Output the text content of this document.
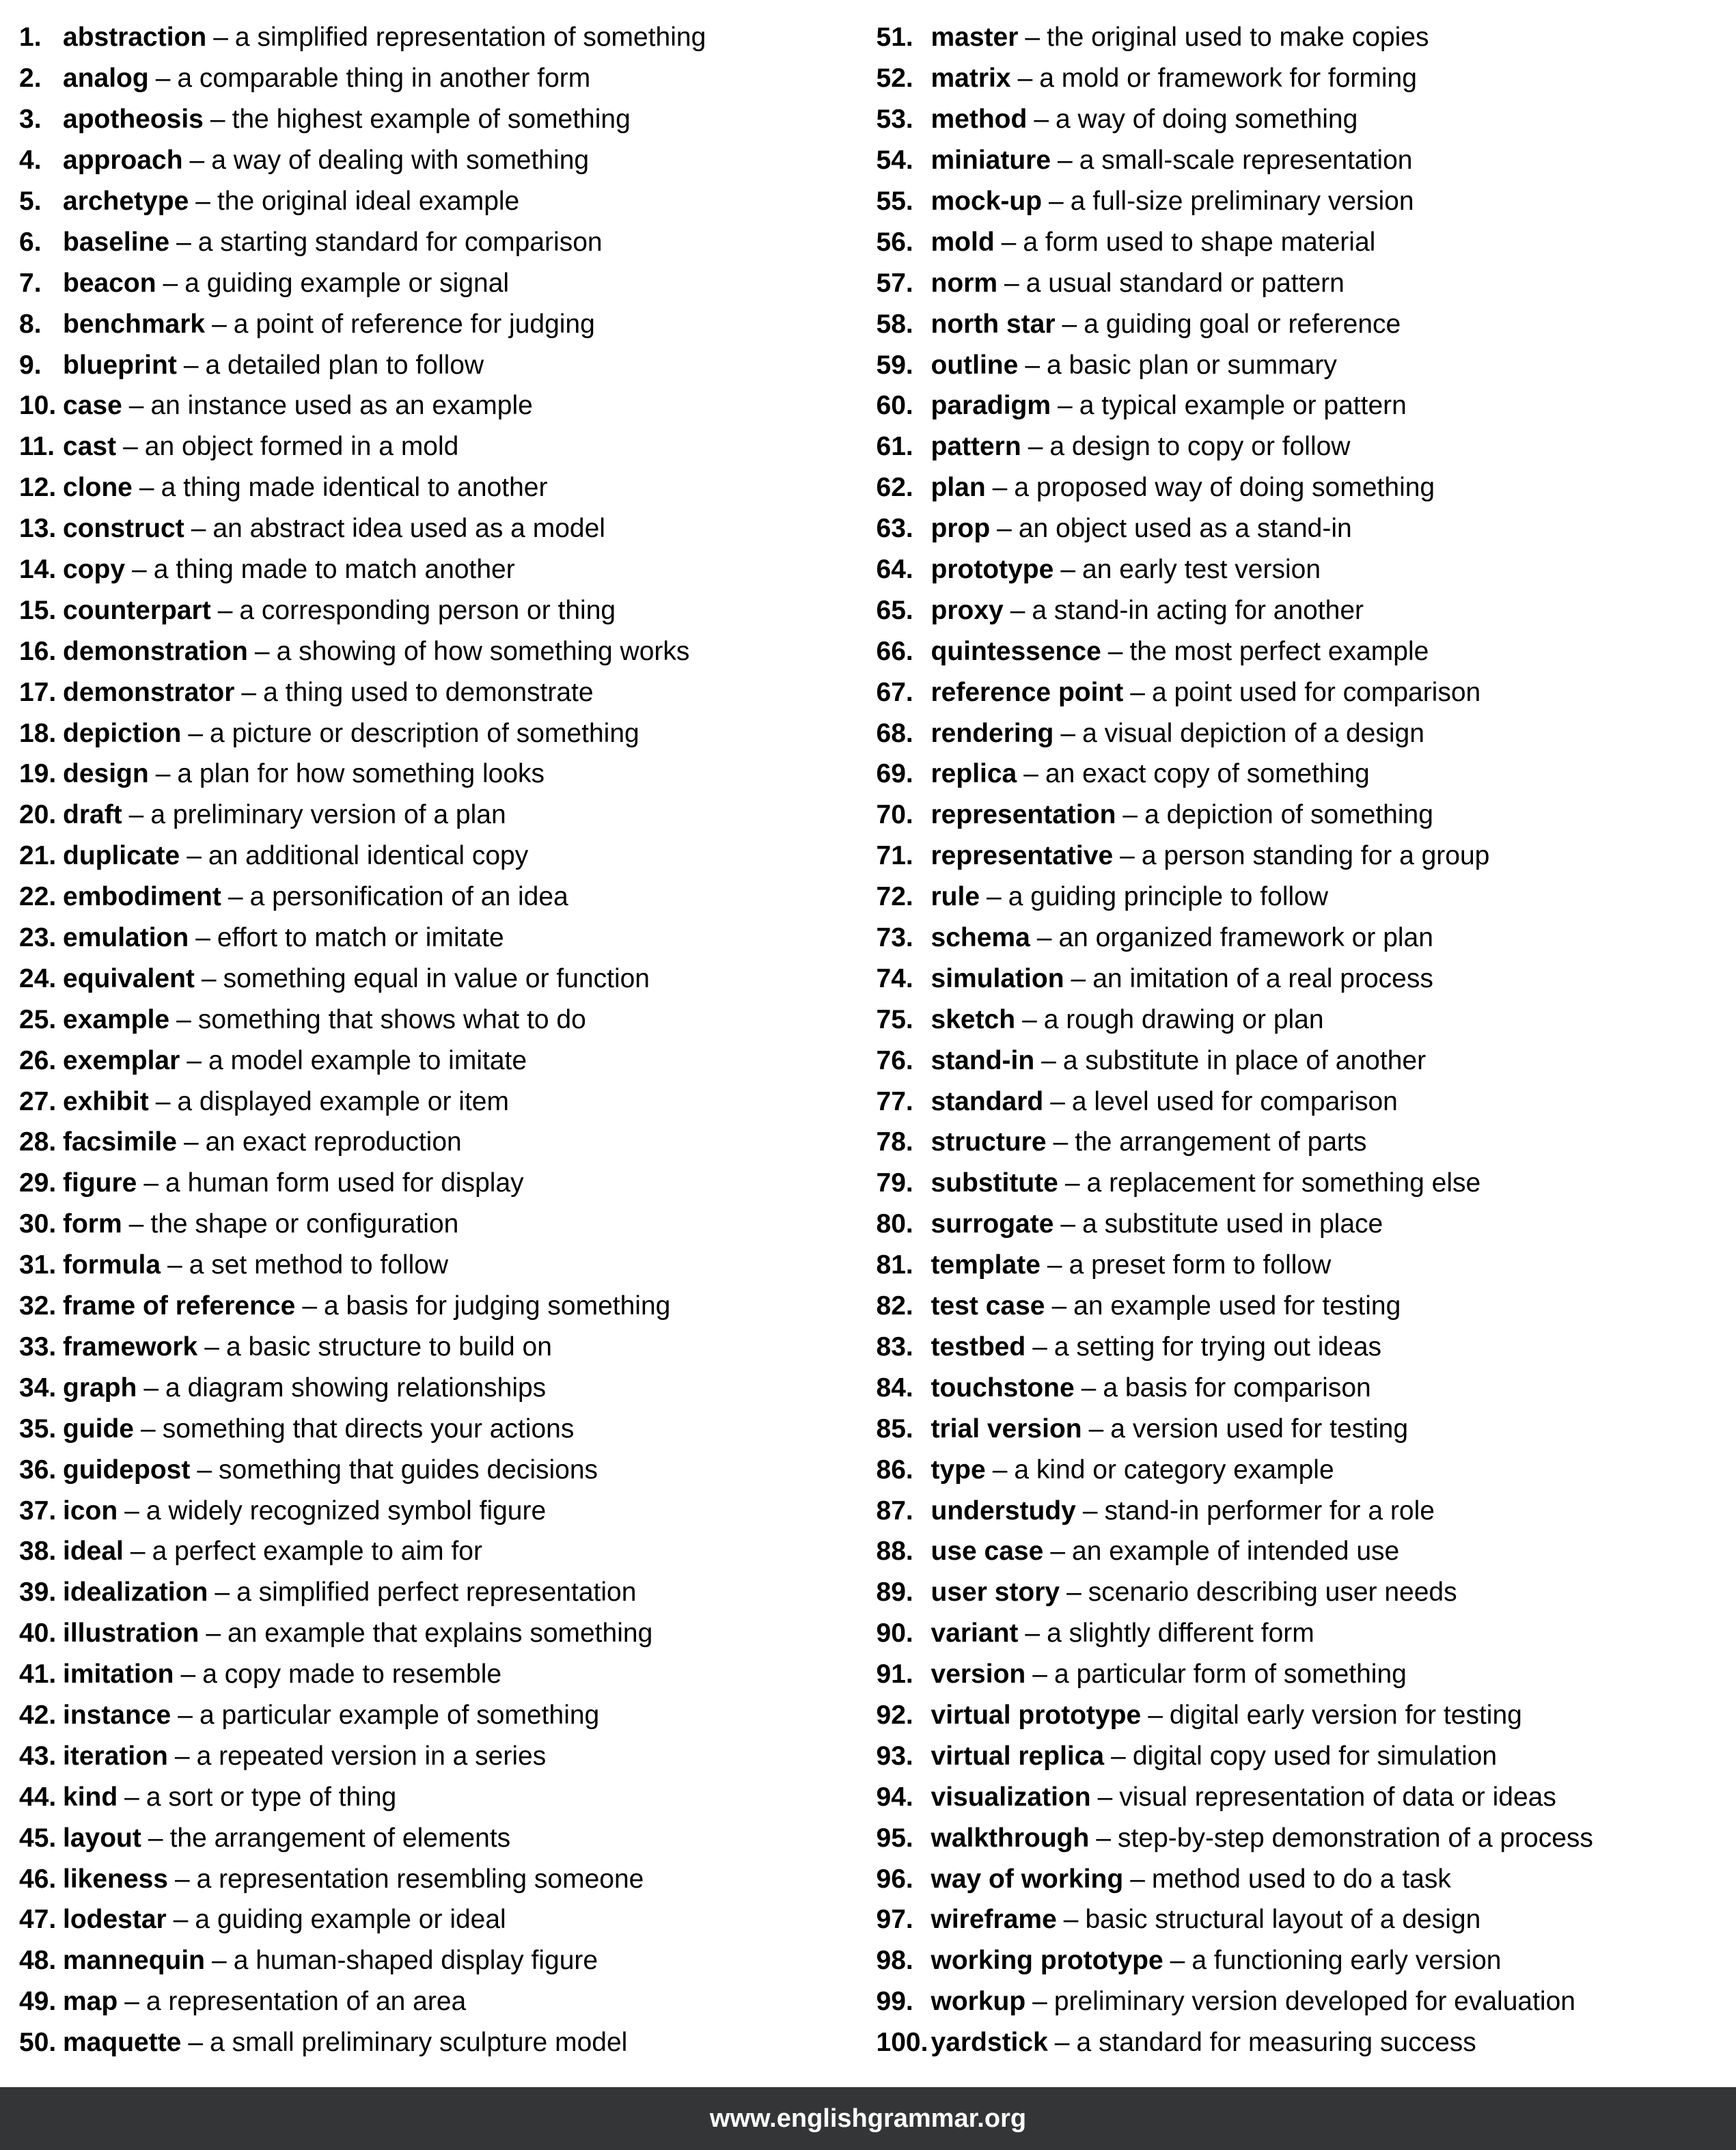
1. abstraction – a simplified representation of something
2. analog – a comparable thing in another form
3. apotheosis – the highest example of something
4. approach – a way of dealing with something
5. archetype – the original ideal example
6. baseline – a starting standard for comparison
7. beacon – a guiding example or signal
8. benchmark – a point of reference for judging
9. blueprint – a detailed plan to follow
10. case – an instance used as an example
11. cast – an object formed in a mold
12. clone – a thing made identical to another
13. construct – an abstract idea used as a model
14. copy – a thing made to match another
15. counterpart – a corresponding person or thing
16. demonstration – a showing of how something works
17. demonstrator – a thing used to demonstrate
18. depiction – a picture or description of something
19. design – a plan for how something looks
20. draft – a preliminary version of a plan
21. duplicate – an additional identical copy
22. embodiment – a personification of an idea
23. emulation – effort to match or imitate
24. equivalent – something equal in value or function
25. example – something that shows what to do
26. exemplar – a model example to imitate
27. exhibit – a displayed example or item
28. facsimile – an exact reproduction
29. figure – a human form used for display
30. form – the shape or configuration
31. formula – a set method to follow
32. frame of reference – a basis for judging something
33. framework – a basic structure to build on
34. graph – a diagram showing relationships
35. guide – something that directs your actions
36. guidepost – something that guides decisions
37. icon – a widely recognized symbol figure
38. ideal – a perfect example to aim for
39. idealization – a simplified perfect representation
40. illustration – an example that explains something
41. imitation – a copy made to resemble
42. instance – a particular example of something
43. iteration – a repeated version in a series
44. kind – a sort or type of thing
45. layout – the arrangement of elements
46. likeness – a representation resembling someone
47. lodestar – a guiding example or ideal
48. mannequin – a human-shaped display figure
49. map – a representation of an area
50. maquette – a small preliminary sculpture model
51. master – the original used to make copies
52. matrix – a mold or framework for forming
53. method – a way of doing something
54. miniature – a small-scale representation
55. mock-up – a full-size preliminary version
56. mold – a form used to shape material
57. norm – a usual standard or pattern
58. north star – a guiding goal or reference
59. outline – a basic plan or summary
60. paradigm – a typical example or pattern
61. pattern – a design to copy or follow
62. plan – a proposed way of doing something
63. prop – an object used as a stand-in
64. prototype – an early test version
65. proxy – a stand-in acting for another
66. quintessence – the most perfect example
67. reference point – a point used for comparison
68. rendering – a visual depiction of a design
69. replica – an exact copy of something
70. representation – a depiction of something
71. representative – a person standing for a group
72. rule – a guiding principle to follow
73. schema – an organized framework or plan
74. simulation – an imitation of a real process
75. sketch – a rough drawing or plan
76. stand-in – a substitute in place of another
77. standard – a level used for comparison
78. structure – the arrangement of parts
79. substitute – a replacement for something else
80. surrogate – a substitute used in place
81. template – a preset form to follow
82. test case – an example used for testing
83. testbed – a setting for trying out ideas
84. touchstone – a basis for comparison
85. trial version – a version used for testing
86. type – a kind or category example
87. understudy – stand-in performer for a role
88. use case – an example of intended use
89. user story – scenario describing user needs
90. variant – a slightly different form
91. version – a particular form of something
92. virtual prototype – digital early version for testing
93. virtual replica – digital copy used for simulation
94. visualization – visual representation of data or ideas
95. walkthrough – step-by-step demonstration of a process
96. way of working – method used to do a task
97. wireframe – basic structural layout of a design
98. working prototype – a functioning early version
99. workup – preliminary version developed for evaluation
100. yardstick – a standard for measuring success
www.englishgrammar.org
